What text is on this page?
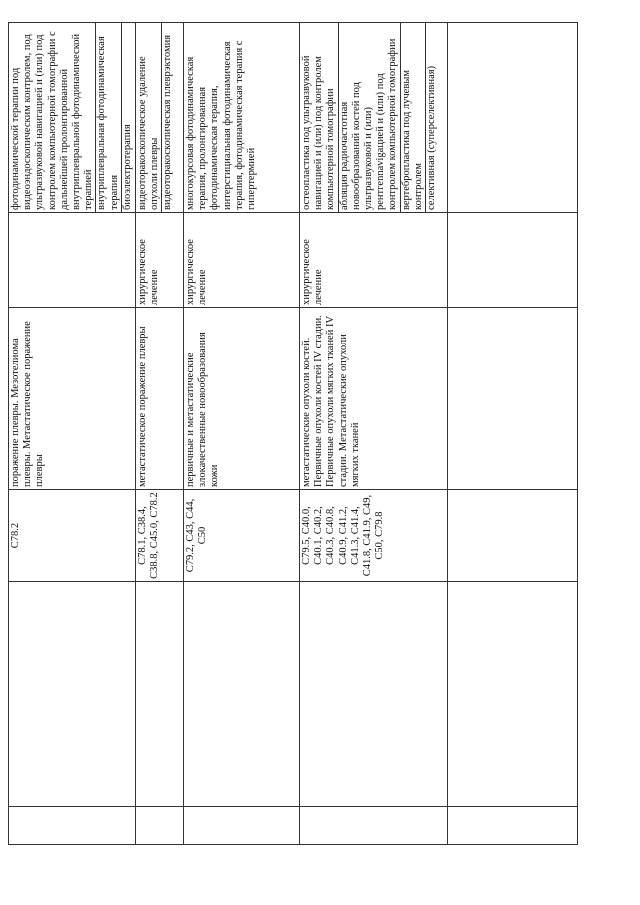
		C78.2	поражение плевры. Мезотелиома плевры. Метастатическое поражение плевры		фотодинамической терапии под видеоэндоскопическим контролем, под ультразвуковой навигацией и (или) под контролем компьютерной томографии с дальнейшей пролонгированной внутриплевральной фотодинамической терапией внутриплевральная фотодинамическая терапия биоэлектротерапия

		C78.1, C38.4, C38.8, C45.0, C78.2	метастатическое поражение плевры	хирургическое лечение	видеоторакоскопическое удаление опухоли плевры видеоторакоскопическая плеврэктомия

		C79.2, C43, C44, C50	первичные и метастатические злокачественные новообразования кожи	хирургическое лечение	многокурсовая фотодинамическая терапия, пролонгированная фотодинамическая терапия, интерстициальная фотодинамическая терапия, фотодинамическая терапия с гипертермией

		C79.5, C40.0, C40.1, C40.2, C40.3, C40.8, C40.9, C41.2, C41.3, C41.4, C41.8, C41.9, C49, C50, C79.8	метастатические опухоли костей. Первичные опухоли костей IV стадии. Первичные опухоли мягких тканей IV стадии. Метастатические опухоли мягких тканей	хирургическое лечение	остеопластика под ультразвуковой навигацией и (или) под контролем компьютерной томографии абляция радиочастотная новообразований костей под ультразвуковой и (или) рентгennavigацией и (или) под контролем компьютерной томографии вертебропластика под лучевым контролем селективная (суперселективная)
